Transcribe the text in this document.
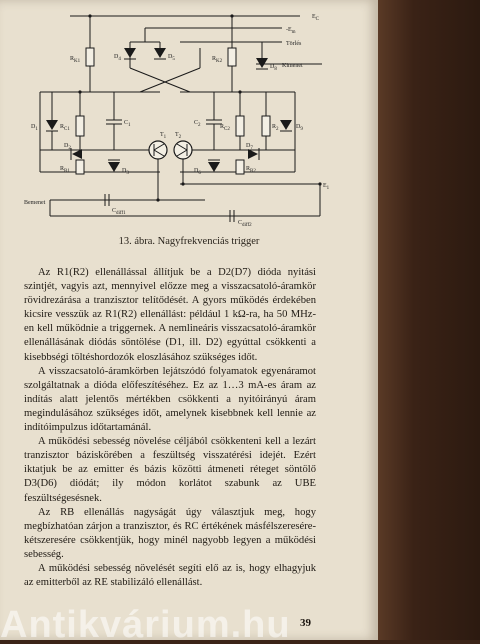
$E_C$
$-E_m$
Törlés
Kimenet
Bemenet
$E_1$
$R_{K1}$	$R_{K2}$
$R_{C1}$	$R_{C2}$
$R_{B1}$	$R_{B2}$
$R_2$
$C_1$	$C_2$
$C_{diff1}$
$C_{diff2}$
$T_1$ $T_2$
$D_1$
$D_2$
$D_3$
$D_4$	$D_5$
$D_6$
$D_7$
$D_8$
$D_9$
13. ábra. Nagyfrekvenciás trigger

Az R1(R2) ellenállással állítjuk be a D2(D7) dióda nyitási szintjét, vagyis azt, mennyivel előzze meg a visszacsatoló-áramkör rövidrezárása a tranzisztor telítődését. A gyors működés érdekében kicsire vesszük az R1(R2) ellenállást: például 1 kΩ-ra, ha 50 MHz-en kell működnie a triggernek. A nemlineáris visszacsatoló-áramkör ellenállásának diódás söntölése (D1, ill. D2) egyúttal csökkenti a kisebbségi töltéshordozók eloszlásához szükséges időt.

A visszacsatoló-áramkörben lejátszódó folyamatok egyenáramot szolgáltatnak a dióda előfeszítéséhez. Ez az 1…3 mA-es áram az indítás alatt jelentős mértékben csökkenti a nyitóirányú áram megindulásához szükséges időt, amelynek kisebbnek kell lennie az indítóimpulzus időtartamánál.

A működési sebesség növelése céljából csökkenteni kell a lezárt tranzisztor báziskörében a feszültség visszatérési idejét. Ezért iktatjuk be az emitter és bázis közötti átmeneti réteget söntölő D3(D6) diódát; ily módon korlátot szabunk az UBE feszültségesésnek.

Az RB ellenállás nagyságát úgy választjuk meg, hogy megbízhatóan zárjon a tranzisztor, és RC értékének másfélszeresére-kétszeresére csökkentjük, hogy minél nagyobb legyen a működési sebesség.

A működési sebesség növelését segíti elő az is, hogy elhagyjuk az emitterből az RE stabilizáló ellenállást.

39
Antikvárium.hu
